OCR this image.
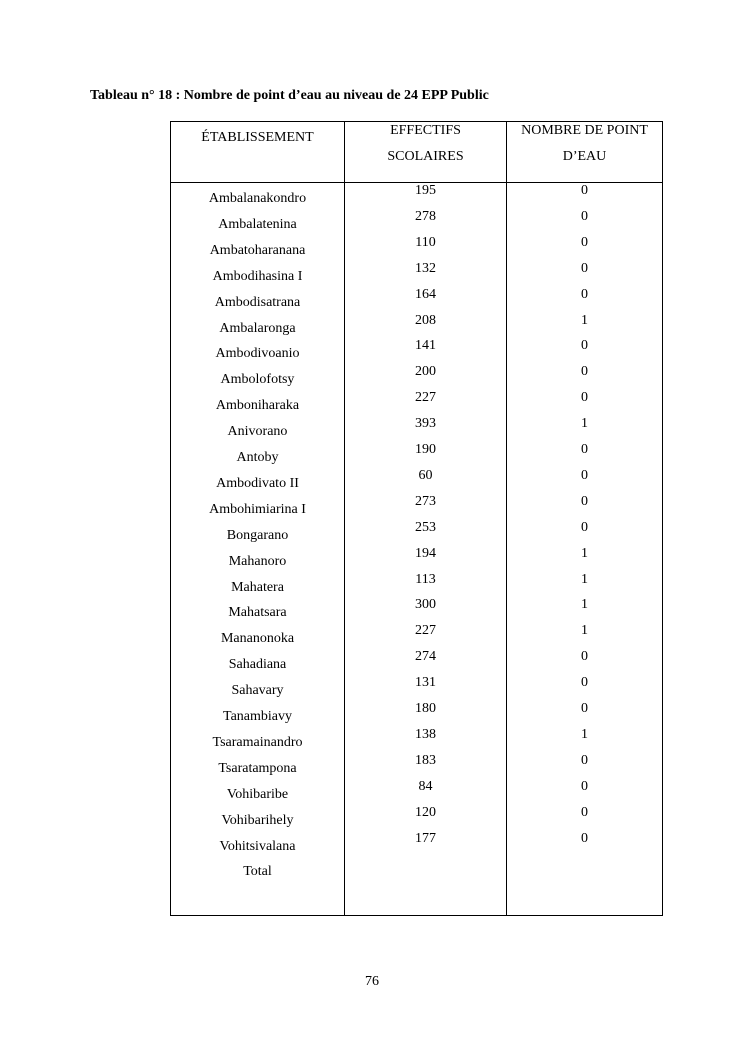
Tableau n° 18 : Nombre de point d’eau au niveau de 24 EPP Public
ÉTABLISSEMENT	EFFECTIFS
SCOLAIRES
NOMBRE DE POINT
D’EAU
Ambalanakondro
Ambalatenina
Ambatoharanana
Ambodihasina I
Ambodisatrana
Ambalaronga
Ambodivoanio
Ambolofotsy
Amboniharaka
Anivorano
Antoby
Ambodivato II
Ambohimiarina I
Bongarano
Mahanoro
Mahatera
Mahatsara
Mananonoka
Sahadiana
Sahavary
Tanambiavy
Tsaramainandro
Tsaratampona
Vohibaribe
Vohibarihely
Vohitsivalana
Total
195
278
110
132
164
208
141
200
227
393
190
60
273
253
194
113
300
227
274
131
180
138
183
84
120
177
0
0
0
0
0
1
0
0
0
1
0
0
0
0
1
1
1
1
0
0
0
1
0
0
0
0
76
